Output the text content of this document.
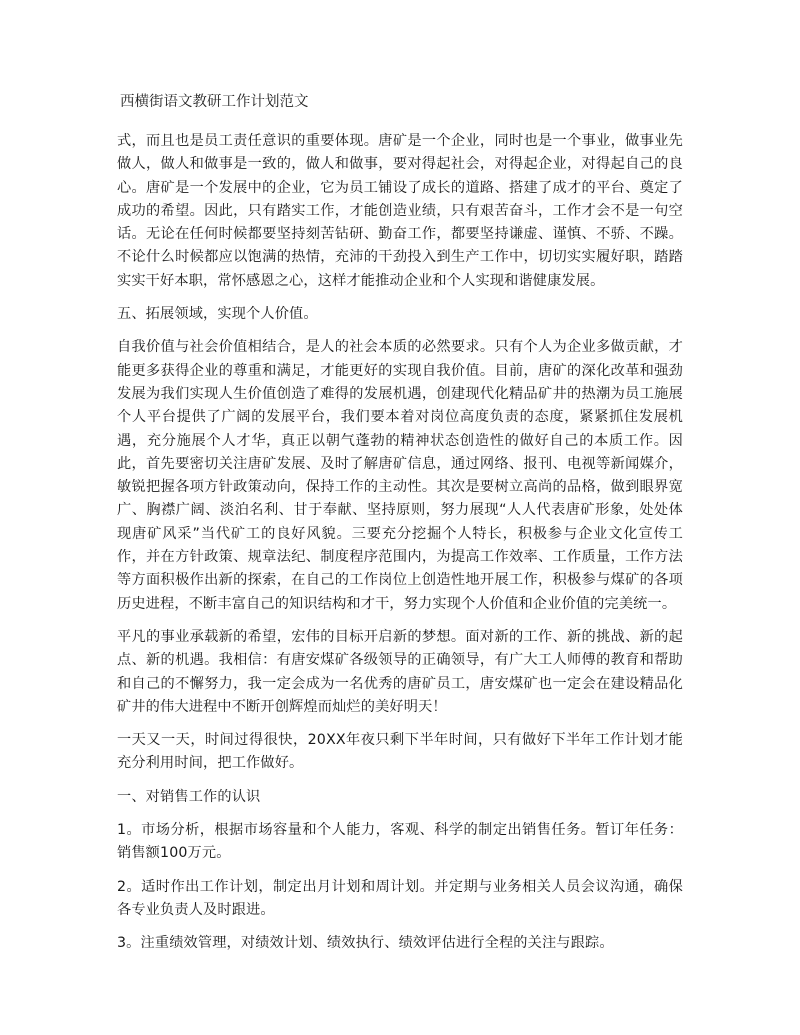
西横街语文教研工作计划范文

式，而且也是员工责任意识的重要体现。唐矿是一个企业，同时也是一个事业，做事业先做人，做人和做事是一致的，做人和做事，要对得起社会，对得起企业，对得起自己的良心。唐矿是一个发展中的企业，它为员工铺设了成长的道路、搭建了成才的平台、奠定了成功的希望。因此，只有踏实工作，才能创造业绩，只有艰苦奋斗，工作才会不是一句空话。无论在任何时候都要坚持刻苦钻研、勤奋工作，都要坚持谦虚、谨慎、不骄、不躁。不论什么时候都应以饱满的热情，充沛的干劲投入到生产工作中，切切实实履好职，踏踏实实干好本职，常怀感恩之心，这样才能推动企业和个人实现和谐健康发展。

五、拓展领域，实现个人价值。

自我价值与社会价值相结合，是人的社会本质的必然要求。只有个人为企业多做贡献，才能更多获得企业的尊重和满足，才能更好的实现自我价值。目前，唐矿的深化改革和强劲发展为我们实现人生价值创造了难得的发展机遇，创建现代化精品矿井的热潮为员工施展个人平台提供了广阔的发展平台，我们要本着对岗位高度负责的态度，紧紧抓住发展机遇，充分施展个人才华，真正以朝气蓬勃的精神状态创造性的做好自己的本质工作。因此，首先要密切关注唐矿发展、及时了解唐矿信息，通过网络、报刊、电视等新闻媒介，敏锐把握各项方针政策动向，保持工作的主动性。其次是要树立高尚的品格，做到眼界宽广、胸襟广阔、淡泊名利、甘于奉献、坚持原则，努力展现“人人代表唐矿形象，处处体现唐矿风采”当代矿工的良好风貌。三要充分挖掘个人特长，积极参与企业文化宣传工作，并在方针政策、规章法纪、制度程序范围内，为提高工作效率、工作质量，工作方法等方面积极作出新的探索，在自己的工作岗位上创造性地开展工作，积极参与煤矿的各项历史进程，不断丰富自己的知识结构和才干，努力实现个人价值和企业价值的完美统一。

平凡的事业承载新的希望，宏伟的目标开启新的梦想。面对新的工作、新的挑战、新的起点、新的机遇。我相信：有唐安煤矿各级领导的正确领导，有广大工人师傅的教育和帮助和自己的不懈努力，我一定会成为一名优秀的唐矿员工，唐安煤矿也一定会在建设精品化矿井的伟大进程中不断开创辉煌而灿烂的美好明天！

一天又一天，时间过得很快，20XX年夜只剩下半年时间，只有做好下半年工作计划才能充分利用时间，把工作做好。

一、对销售工作的认识

1。市场分析，根据市场容量和个人能力，客观、科学的制定出销售任务。暂订年任务：销售额100万元。

2。适时作出工作计划，制定出月计划和周计划。并定期与业务相关人员会议沟通，确保各专业负责人及时跟进。

3。注重绩效管理，对绩效计划、绩效执行、绩效评估进行全程的关注与跟踪。
